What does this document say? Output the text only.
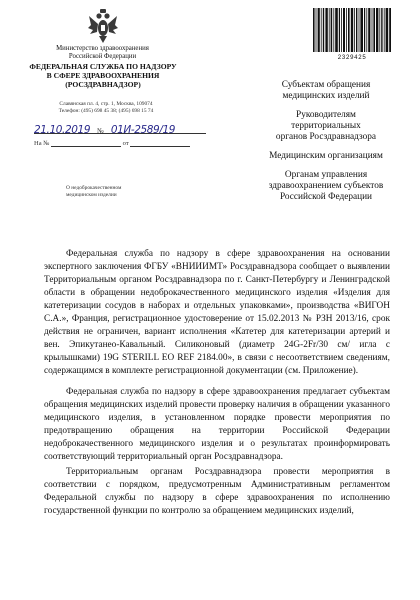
Министерство здравоохранения
Российской Федерации
ФЕДЕРАЛЬНАЯ СЛУЖБА ПО НАДЗОРУ
В СФЕРЕ ЗДРАВООХРАНЕНИЯ
(РОСЗДРАВНАДЗОР)
Славянская пл. 4, стр. 1, Москва, 109074
Телефон: (495) 698 45 38; (495) 698 15 74
21.10.2019 № 01И-2589/19
На №	от
О недоброкачественном
медицинском изделии
2329425

Субъектам обращения
медицинских изделий

Руководителям
территориальных
органов Росздравнадзора

Медицинским организациям

Органам управления
здравоохранением субъектов
Российской Федерации

Федеральная служба по надзору в сфере здравоохранения на основании экспертного заключения ФГБУ «ВНИИИМТ» Росздравнадзора сообщает о выявлении Территориальным органом Росздравнадзора по г. Санкт-Петербургу и Ленинградской области в обращении недоброкачественного медицинского изделия «Изделия для катетеризации сосудов в наборах и отдельных упаковками», производства «ВИГОН С.А.», Франция, регистрационное удостоверение от 15.02.2013 № РЗН 2013/16, срок действия не ограничен, вариант исполнения «Катетер для катетеризации артерий и вен. Эпикутанео-Кавальный. Силиконовый (диаметр 24G-2Fr/30 см/ игла с крылышками) 19G STERILL EO REF 2184.00», в связи с несоответствием сведениям, содержащимся в комплекте регистрационной документации (см. Приложение).

Федеральная служба по надзору в сфере здравоохранения предлагает субъектам обращения медицинских изделий провести проверку наличия в обращении указанного медицинского изделия, в установленном порядке провести мероприятия по предотвращению обращения на территории Российской Федерации недоброкачественного медицинского изделия и о результатах проинформировать соответствующий территориальный орган Росздравнадзора.

Территориальным органам Росздравнадзора провести мероприятия в соответствии с порядком, предусмотренным Административным регламентом Федеральной службы по надзору в сфере здравоохранения по исполнению государственной функции по контролю за обращением медицинских изделий,
